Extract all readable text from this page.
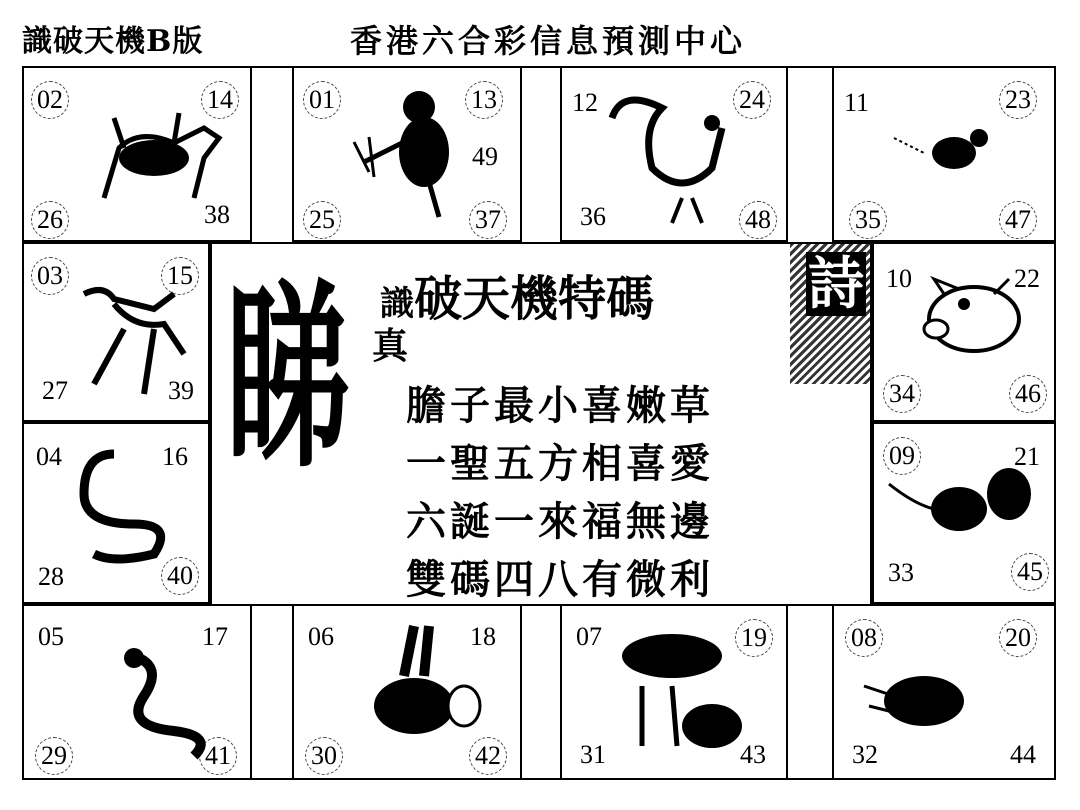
識破天機B版	香港六合彩信息預測中心
02	14
26	38
01	13
49
25	37
12	24
36	48
11	23
35	47
03	15
27	39
10	22
34	46
04	16
28	40
09	21
33	45
05	17
29	41
06	18
30	42
07	19
31	43
08	20
32	44
睇 識破天機特碼	詩
真
膽子最小喜嫩草
一聖五方相喜愛
六誕一來福無邊
雙碼四八有微利
